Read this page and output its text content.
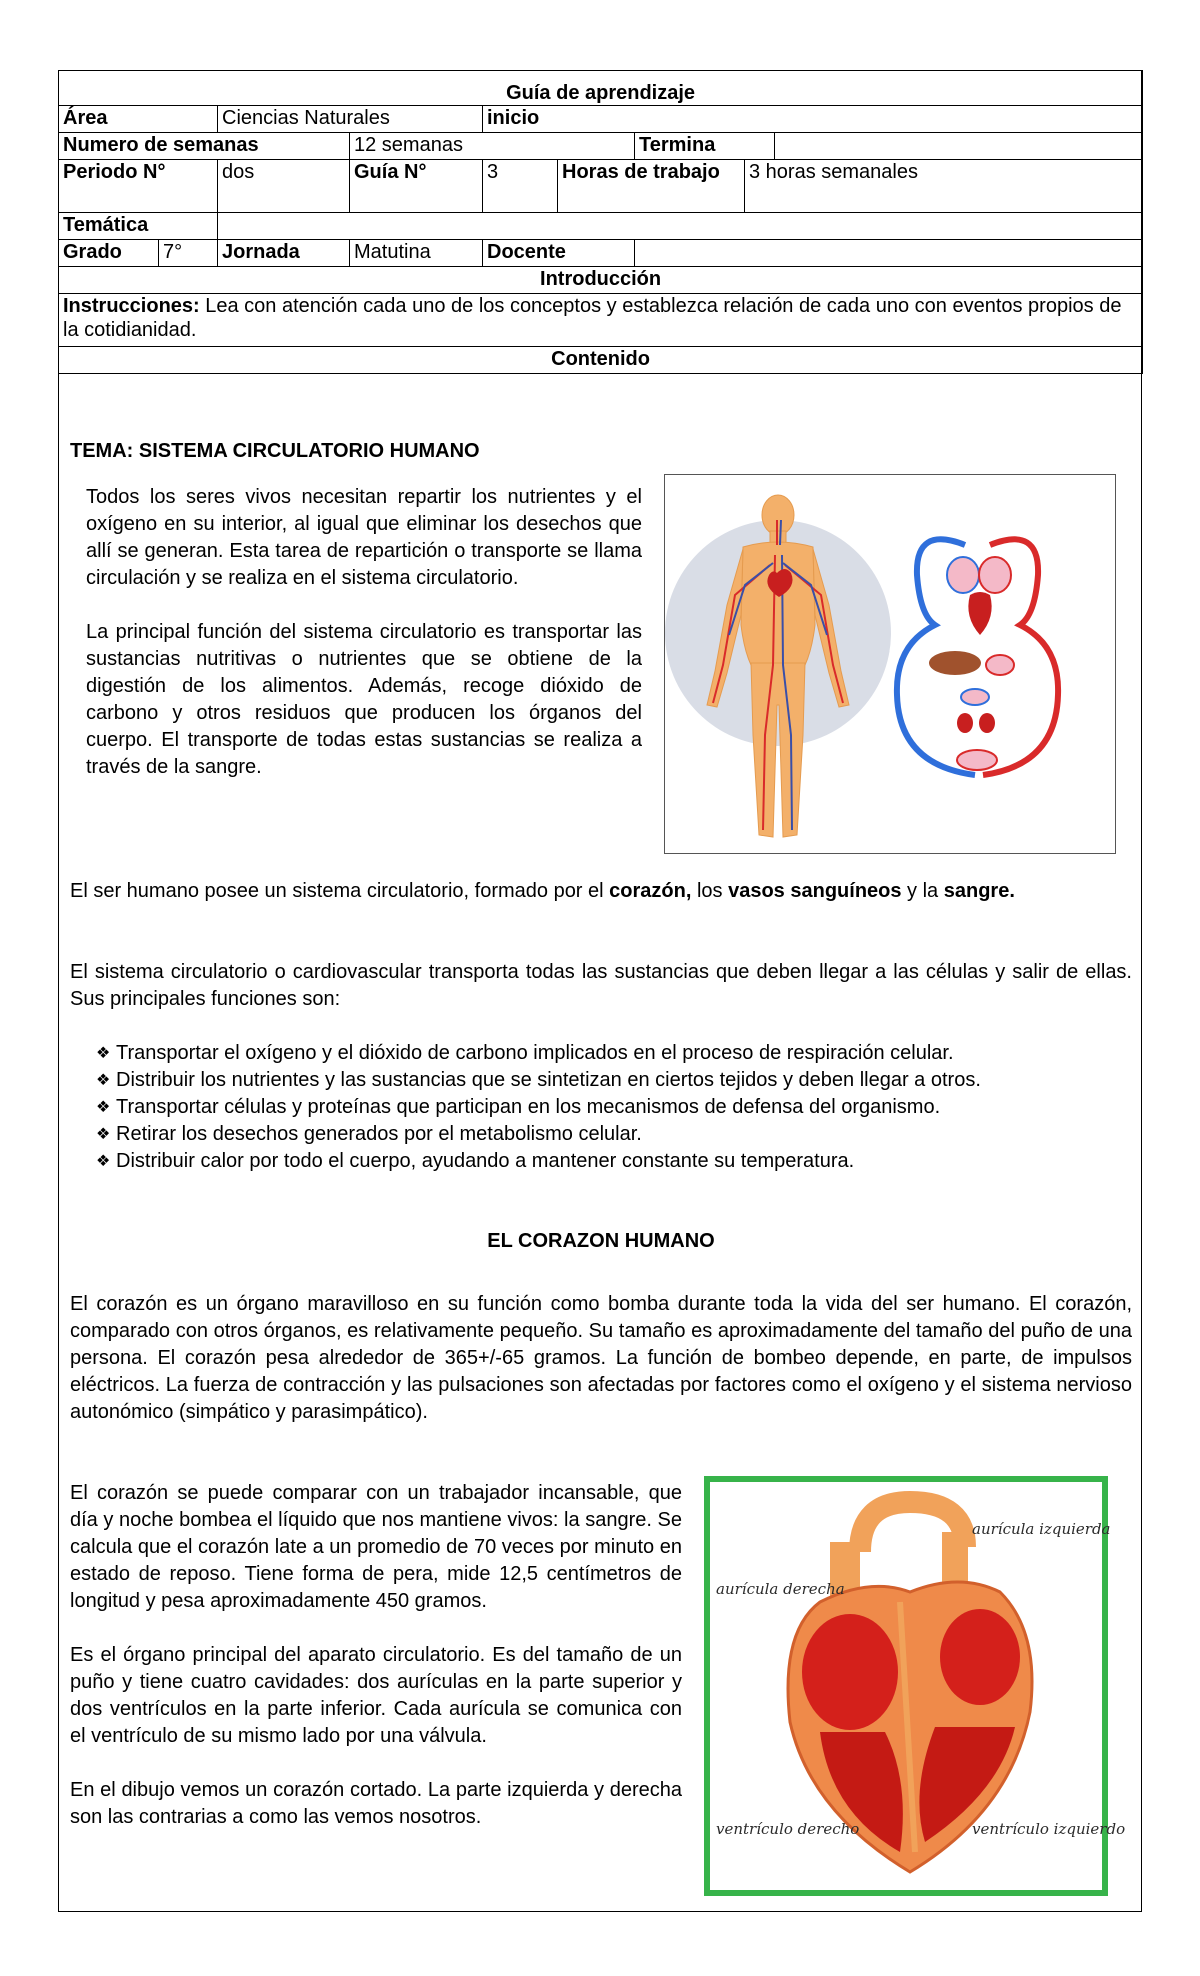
Guía de aprendizaje								
Área		Ciencias Naturales		inicio				
Numero de semanas			12 semanas			Termina		
Periodo N°		dos	Guía N°	3	Horas de trabajo		3 horas semanales	
Temática								
Grado	7°	Jornada	Matutina	Docente				
Introducción								
Instrucciones: Lea con atención cada uno de los conceptos y establezca relación de cada uno con eventos propios de la cotidianidad.								
Contenido								
TEMA: SISTEMA CIRCULATORIO HUMANO

Todos los seres vivos necesitan repartir los nutrientes y el oxígeno en su interior, al igual que eliminar los desechos que allí se generan. Esta tarea de repartición o transporte se llama circulación y se realiza en el sistema circulatorio.

La principal función del sistema circulatorio es transportar las sustancias nutritivas o nutrientes que se obtiene de la digestión de los alimentos. Además, recoge dióxido de carbono y otros residuos que producen los órganos del cuerpo. El transporte de todas estas sustancias se realiza a través de la sangre.

El ser humano posee un sistema circulatorio, formado por el corazón, los vasos sanguíneos y la sangre.

El sistema circulatorio o cardiovascular transporta todas las sustancias que deben llegar a las células y salir de ellas. Sus principales funciones son:

❖ Transportar el oxígeno y el dióxido de carbono implicados en el proceso de respiración celular.
❖ Distribuir los nutrientes y las sustancias que se sintetizan en ciertos tejidos y deben llegar a otros.
❖ Transportar células y proteínas que participan en los mecanismos de defensa del organismo.
❖ Retirar los desechos generados por el metabolismo celular.
❖ Distribuir calor por todo el cuerpo, ayudando a mantener constante su temperatura.
EL CORAZON HUMANO

El corazón es un órgano maravilloso en su función como bomba durante toda la vida del ser humano. El corazón, comparado con otros órganos, es relativamente pequeño. Su tamaño es aproximadamente del tamaño del puño de una persona. El corazón pesa alrededor de 365+/-65 gramos. La función de bombeo depende, en parte, de impulsos eléctricos. La fuerza de contracción y las pulsaciones son afectadas por factores como el oxígeno y el sistema nervioso autonómico (simpático y parasimpático).

El corazón se puede comparar con un trabajador incansable, que día y noche bombea el líquido que nos mantiene vivos: la sangre. Se calcula que el corazón late a un promedio de 70 veces por minuto en estado de reposo. Tiene forma de pera, mide 12,5 centímetros de longitud y pesa aproximadamente 450 gramos.

Es el órgano principal del aparato circulatorio. Es del tamaño de un puño y tiene cuatro cavidades: dos aurículas en la parte superior y dos ventrículos en la parte inferior. Cada aurícula se comunica con el ventrículo de su mismo lado por una válvula.

En el dibujo vemos un corazón cortado. La parte izquierda y derecha son las contrarias a como las vemos nosotros.

aurícula izquierda
aurícula derecha
ventrículo derecho	ventrículo izquierdo
